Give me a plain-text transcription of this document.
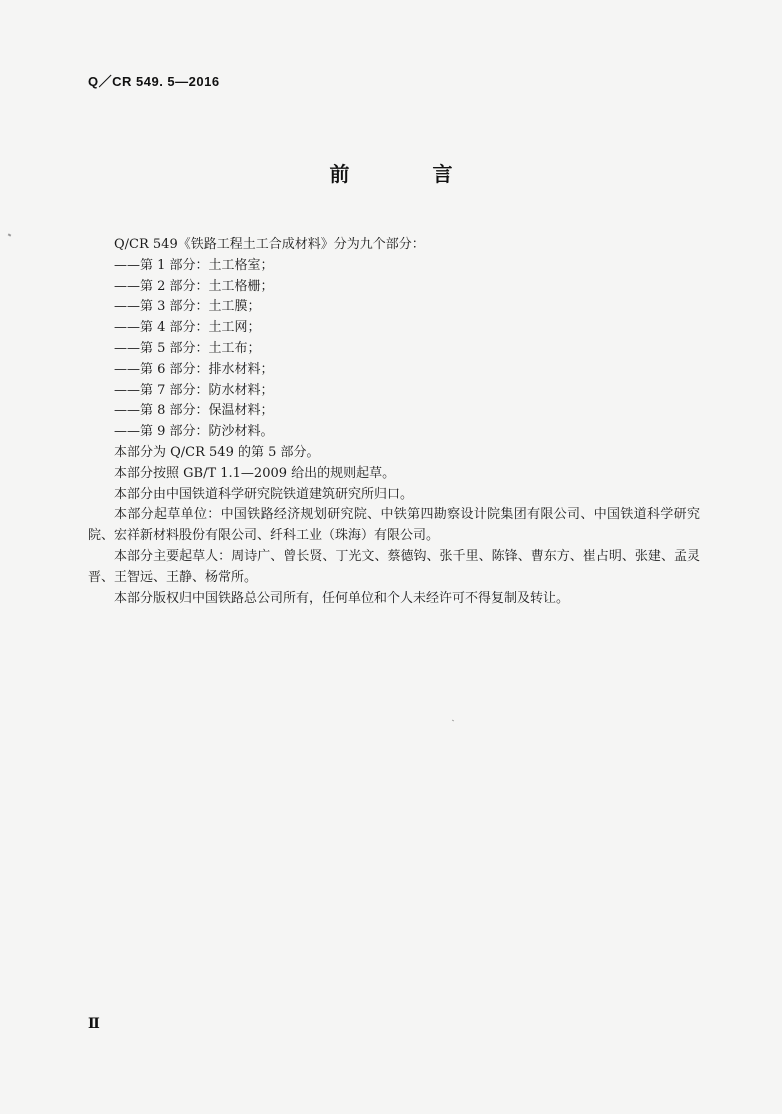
Q／CR 549. 5—2016
前 言

Q/CR 549《铁路工程土工合成材料》分为九个部分：

——第 1 部分：土工格室；

——第 2 部分：土工格栅；

——第 3 部分：土工膜；

——第 4 部分：土工网；

——第 5 部分：土工布；

——第 6 部分：排水材料；

——第 7 部分：防水材料；

——第 8 部分：保温材料；

——第 9 部分：防沙材料。

本部分为 Q/CR 549 的第 5 部分。

本部分按照 GB/T 1.1—2009 给出的规则起草。

本部分由中国铁道科学研究院铁道建筑研究所归口。

本部分起草单位：中国铁路经济规划研究院、中铁第四勘察设计院集团有限公司、中国铁道科学研究院、宏祥新材料股份有限公司、纤科工业（珠海）有限公司。

本部分主要起草人：周诗广、曾长贤、丁光文、蔡德钩、张千里、陈锋、曹东方、崔占明、张建、孟灵晋、王智远、王静、杨常所。

本部分版权归中国铁路总公司所有，任何单位和个人未经许可不得复制及转让。

Ⅱ
